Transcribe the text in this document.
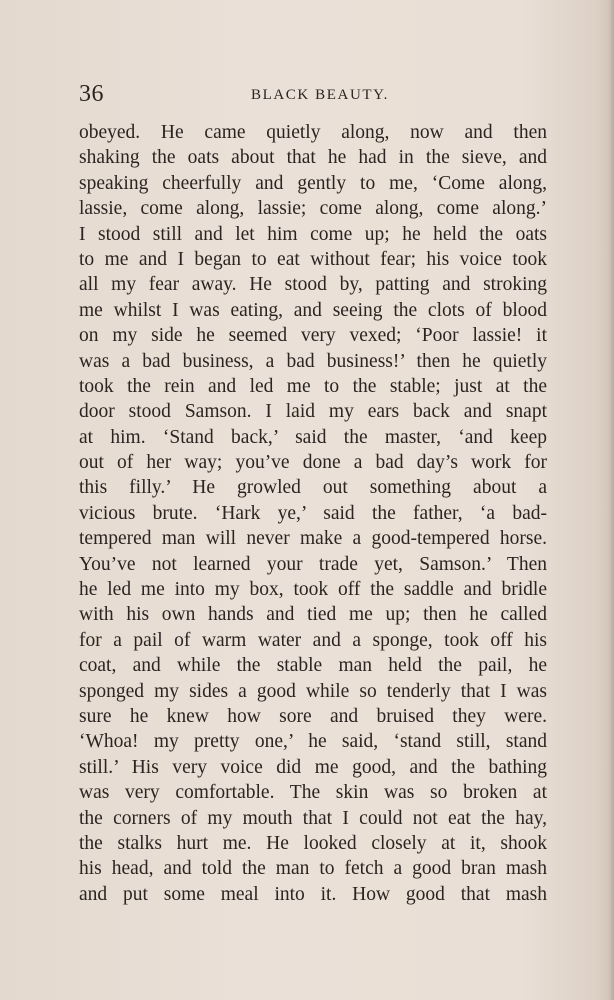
36	BLACK BEAUTY.
obeyed. He came quietly along, now and then
shaking the oats about that he had in the sieve, and
speaking cheerfully and gently to me, ‘Come along,
lassie, come along, lassie; come along, come along.’
I stood still and let him come up; he held the oats
to me and I began to eat without fear; his voice took
all my fear away. He stood by, patting and stroking
me whilst I was eating, and seeing the clots of blood
on my side he seemed very vexed; ‘Poor lassie! it
was a bad business, a bad business!’ then he quietly
took the rein and led me to the stable; just at the
door stood Samson. I laid my ears back and snapt
at him. ‘Stand back,’ said the master, ‘and keep
out of her way; you’ve done a bad day’s work for
this filly.’ He growled out something about a
vicious brute. ‘Hark ye,’ said the father, ‘a bad-
tempered man will never make a good-tempered horse.
You’ve not learned your trade yet, Samson.’ Then
he led me into my box, took off the saddle and bridle
with his own hands and tied me up; then he called
for a pail of warm water and a sponge, took off his
coat, and while the stable man held the pail, he
sponged my sides a good while so tenderly that I was
sure he knew how sore and bruised they were.
‘Whoa! my pretty one,’ he said, ‘stand still, stand
still.’ His very voice did me good, and the bathing
was very comfortable. The skin was so broken at
the corners of my mouth that I could not eat the hay,
the stalks hurt me. He looked closely at it, shook
his head, and told the man to fetch a good bran mash
and put some meal into it. How good that mash
